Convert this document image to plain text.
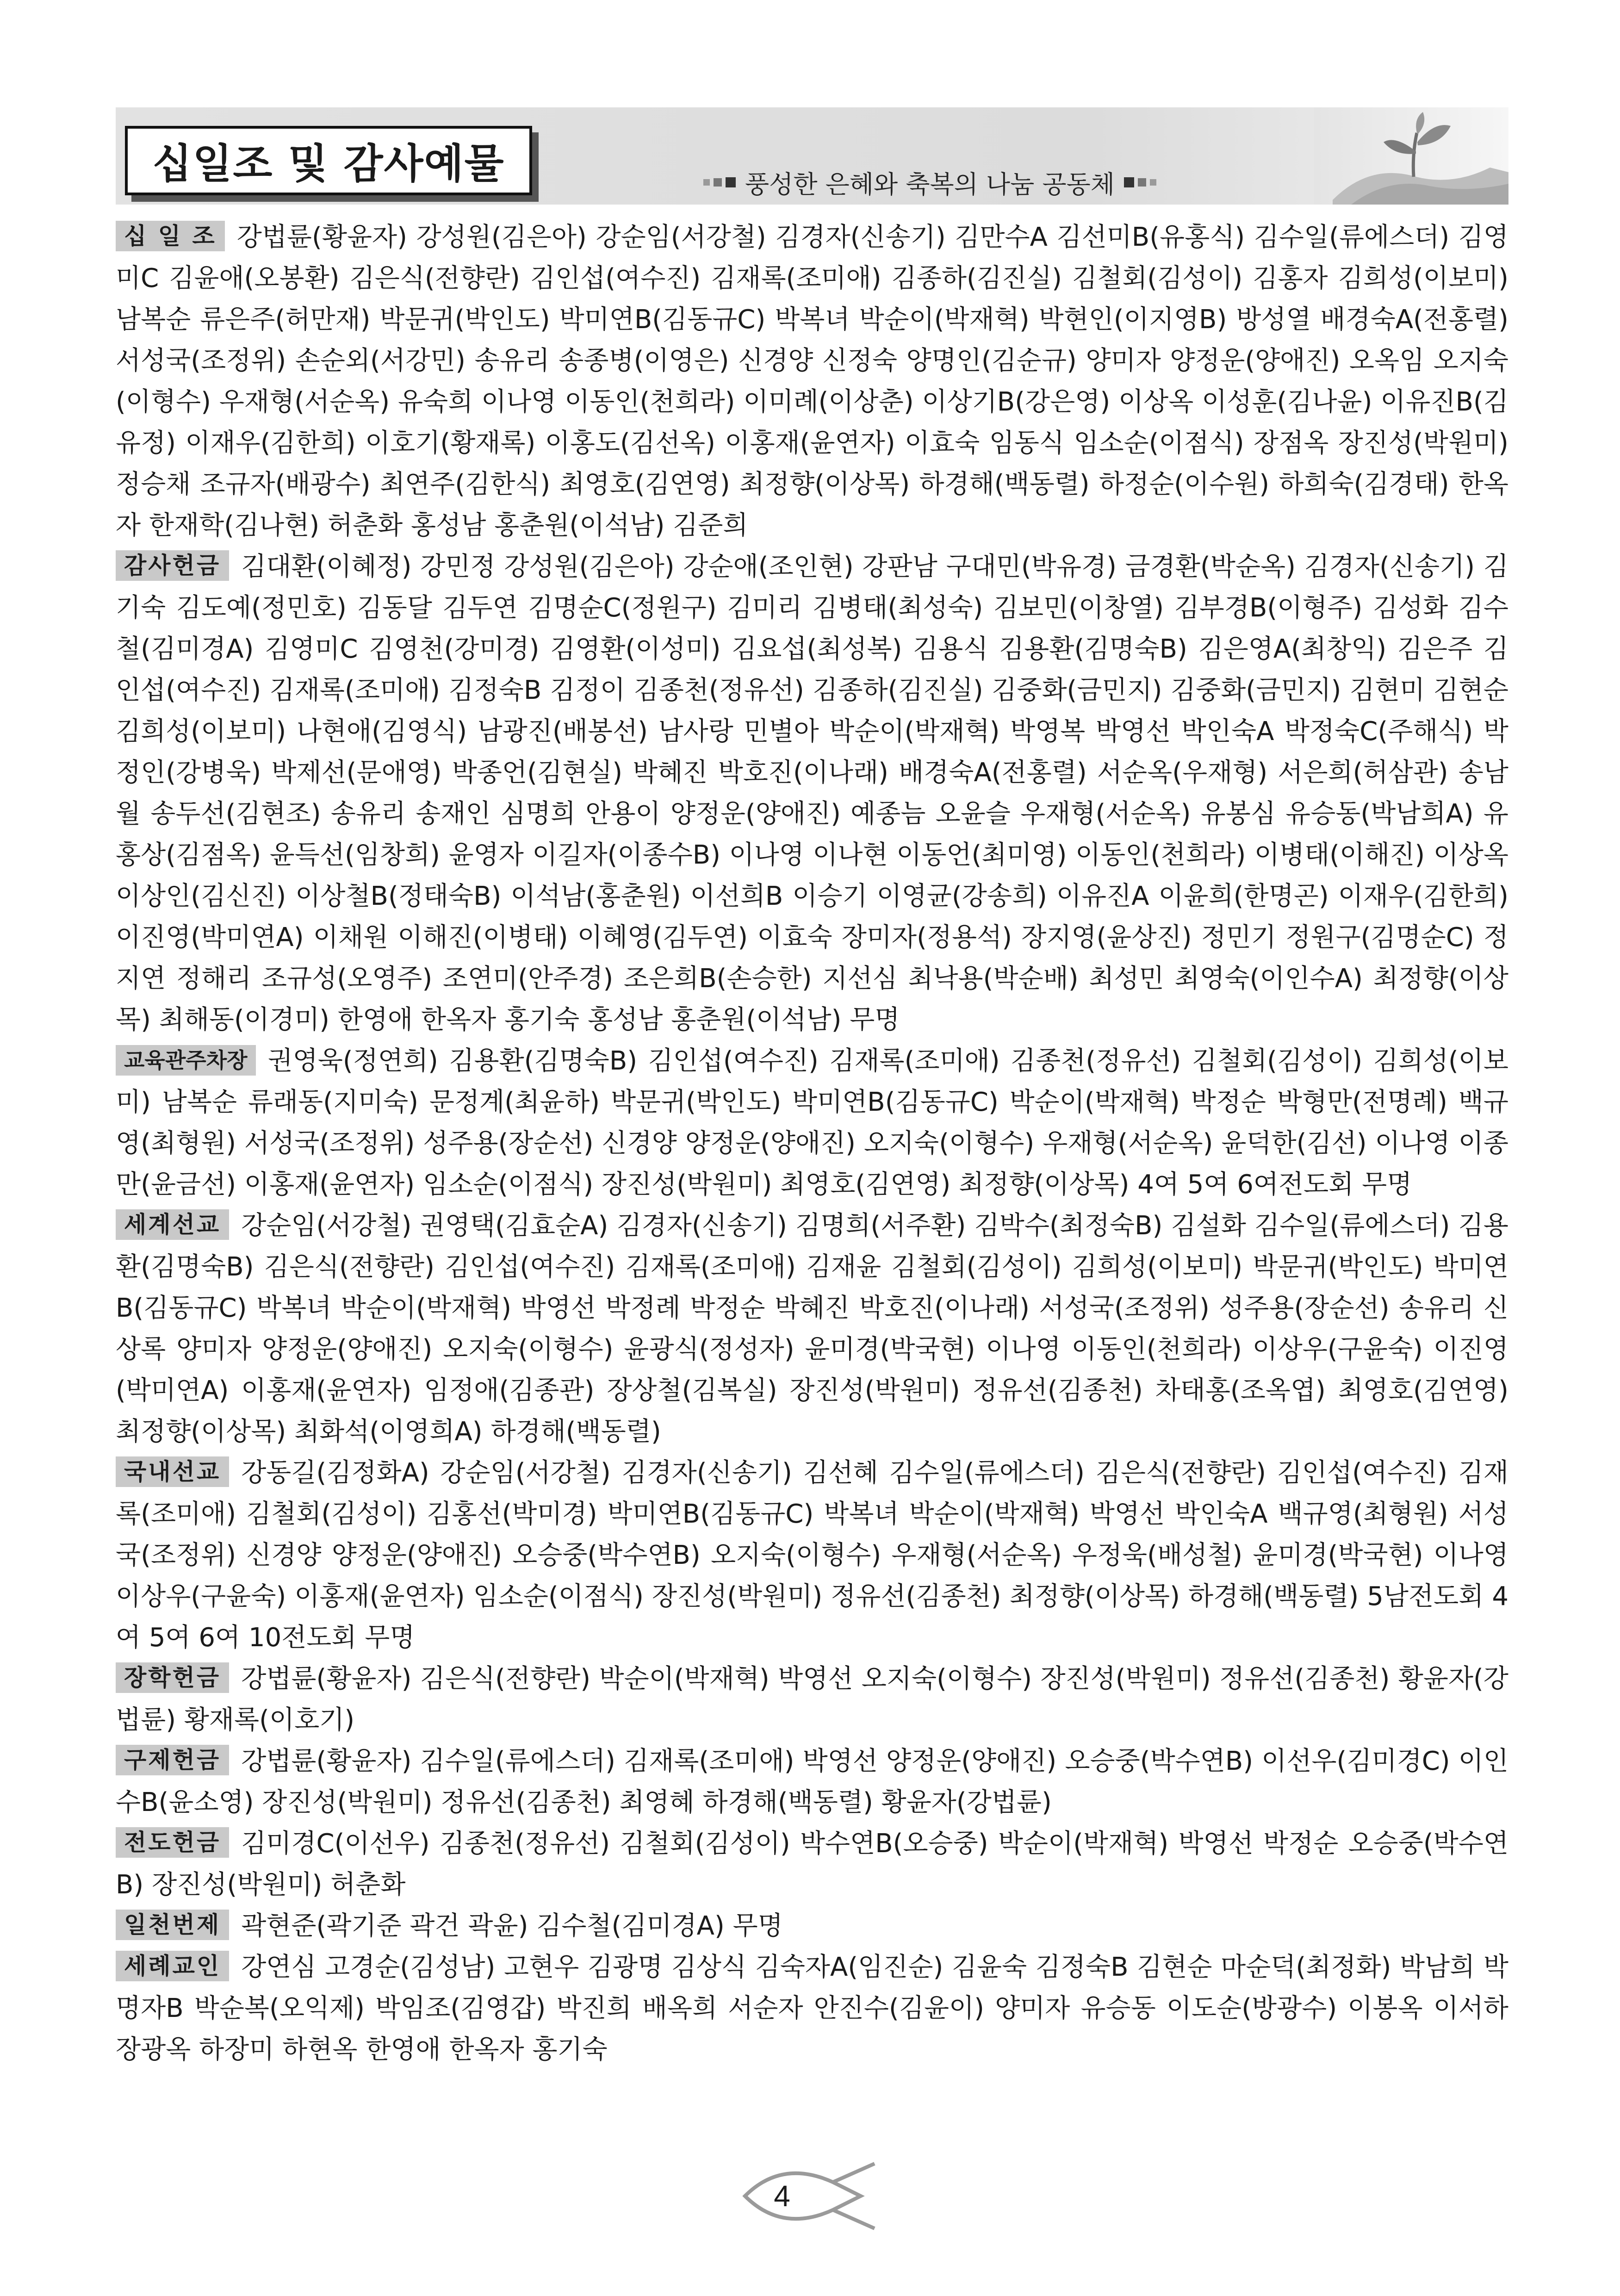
십일조 및 감사예물	풍성한 은혜와 축복의 나눔 공동체

십 일 조 강법륜(황윤자) 강성원(김은아) 강순임(서강철) 김경자(신송기) 김만수A 김선미B(유홍식) 김수일(류에스더) 김영미C 김윤애(오봉환) 김은식(전향란) 김인섭(여수진) 김재록(조미애) 김종하(김진실) 김철회(김성이) 김홍자 김희성(이보미) 남복순 류은주(허만재) 박문귀(박인도) 박미연B(김동규C) 박복녀 박순이(박재혁) 박현인(이지영B) 방성열 배경숙A(전홍렬) 서성국(조정위) 손순외(서강민) 송유리 송종병(이영은) 신경양 신정숙 양명인(김순규) 양미자 양정운(양애진) 오옥임 오지숙(이형수) 우재형(서순옥) 유숙희 이나영 이동인(천희라) 이미례(이상춘) 이상기B(강은영) 이상옥 이성훈(김나윤) 이유진B(김유정) 이재우(김한희) 이호기(황재록) 이홍도(김선옥) 이홍재(윤연자) 이효숙 임동식 임소순(이점식) 장점옥 장진성(박원미) 정승채 조규자(배광수) 최연주(김한식) 최영호(김연영) 최정향(이상목) 하경해(백동렬) 하정순(이수원) 하희숙(김경태) 한옥자 한재학(김나현) 허춘화 홍성남 홍춘원(이석남) 김준희

감사헌금 김대환(이혜정) 강민정 강성원(김은아) 강순애(조인현) 강판남 구대민(박유경) 금경환(박순옥) 김경자(신송기) 김기숙 김도예(정민호) 김동달 김두연 김명순C(정원구) 김미리 김병태(최성숙) 김보민(이창열) 김부경B(이형주) 김성화 김수철(김미경A) 김영미C 김영천(강미경) 김영환(이성미) 김요섭(최성복) 김용식 김용환(김명숙B) 김은영A(최창익) 김은주 김인섭(여수진) 김재록(조미애) 김정숙B 김정이 김종천(정유선) 김종하(김진실) 김중화(금민지) 김중화(금민지) 김현미 김현순 김희성(이보미) 나현애(김영식) 남광진(배봉선) 남사랑 민별아 박순이(박재혁) 박영복 박영선 박인숙A 박정숙C(주해식) 박정인(강병욱) 박제선(문애영) 박종언(김현실) 박혜진 박호진(이나래) 배경숙A(전홍렬) 서순옥(우재형) 서은희(허삼관) 송남월 송두선(김현조) 송유리 송재인 심명희 안용이 양정운(양애진) 예종늠 오윤슬 우재형(서순옥) 유봉심 유승동(박남희A) 유홍상(김점옥) 윤득선(임창희) 윤영자 이길자(이종수B) 이나영 이나현 이동언(최미영) 이동인(천희라) 이병태(이해진) 이상옥 이상인(김신진) 이상철B(정태숙B) 이석남(홍춘원) 이선희B 이승기 이영균(강송희) 이유진A 이윤희(한명곤) 이재우(김한희) 이진영(박미연A) 이채원 이해진(이병태) 이혜영(김두연) 이효숙 장미자(정용석) 장지영(윤상진) 정민기 정원구(김명순C) 정지연 정해리 조규성(오영주) 조연미(안주경) 조은희B(손승한) 지선심 최낙용(박순배) 최성민 최영숙(이인수A) 최정향(이상목) 최해동(이경미) 한영애 한옥자 홍기숙 홍성남 홍춘원(이석남) 무명

교육관주차장 권영욱(정연희) 김용환(김명숙B) 김인섭(여수진) 김재록(조미애) 김종천(정유선) 김철회(김성이) 김희성(이보미) 남복순 류래동(지미숙) 문정계(최윤하) 박문귀(박인도) 박미연B(김동규C) 박순이(박재혁) 박정순 박형만(전명례) 백규영(최형원) 서성국(조정위) 성주용(장순선) 신경양 양정운(양애진) 오지숙(이형수) 우재형(서순옥) 윤덕한(김선) 이나영 이종만(윤금선) 이홍재(윤연자) 임소순(이점식) 장진성(박원미) 최영호(김연영) 최정향(이상목) 4여 5여 6여전도회 무명

세계선교 강순임(서강철) 권영택(김효순A) 김경자(신송기) 김명희(서주환) 김박수(최정숙B) 김설화 김수일(류에스더) 김용환(김명숙B) 김은식(전향란) 김인섭(여수진) 김재록(조미애) 김재윤 김철회(김성이) 김희성(이보미) 박문귀(박인도) 박미연B(김동규C) 박복녀 박순이(박재혁) 박영선 박정례 박정순 박혜진 박호진(이나래) 서성국(조정위) 성주용(장순선) 송유리 신상록 양미자 양정운(양애진) 오지숙(이형수) 윤광식(정성자) 윤미경(박국현) 이나영 이동인(천희라) 이상우(구윤숙) 이진영(박미연A) 이홍재(윤연자) 임정애(김종관) 장상철(김복실) 장진성(박원미) 정유선(김종천) 차태홍(조옥엽) 최영호(김연영) 최정향(이상목) 최화석(이영희A) 하경해(백동렬)

국내선교 강동길(김정화A) 강순임(서강철) 김경자(신송기) 김선혜 김수일(류에스더) 김은식(전향란) 김인섭(여수진) 김재록(조미애) 김철회(김성이) 김홍선(박미경) 박미연B(김동규C) 박복녀 박순이(박재혁) 박영선 박인숙A 백규영(최형원) 서성국(조정위) 신경양 양정운(양애진) 오승중(박수연B) 오지숙(이형수) 우재형(서순옥) 우정욱(배성철) 윤미경(박국현) 이나영 이상우(구윤숙) 이홍재(윤연자) 임소순(이점식) 장진성(박원미) 정유선(김종천) 최정향(이상목) 하경해(백동렬) 5남전도회 4여 5여 6여 10전도회 무명

장학헌금 강법륜(황윤자) 김은식(전향란) 박순이(박재혁) 박영선 오지숙(이형수) 장진성(박원미) 정유선(김종천) 황윤자(강법륜) 황재록(이호기)

구제헌금 강법륜(황윤자) 김수일(류에스더) 김재록(조미애) 박영선 양정운(양애진) 오승중(박수연B) 이선우(김미경C) 이인수B(윤소영) 장진성(박원미) 정유선(김종천) 최영혜 하경해(백동렬) 황윤자(강법륜)

전도헌금 김미경C(이선우) 김종천(정유선) 김철회(김성이) 박수연B(오승중) 박순이(박재혁) 박영선 박정순 오승중(박수연B) 장진성(박원미) 허춘화

일천번제 곽현준(곽기준 곽건 곽윤) 김수철(김미경A) 무명

세례교인 강연심 고경순(김성남) 고현우 김광명 김상식 김숙자A(임진순) 김윤숙 김정숙B 김현순 마순덕(최정화) 박남희 박명자B 박순복(오익제) 박임조(김영갑) 박진희 배옥희 서순자 안진수(김윤이) 양미자 유승동 이도순(방광수) 이봉옥 이서하 장광옥 하장미 하현옥 한영애 한옥자 홍기숙

4
